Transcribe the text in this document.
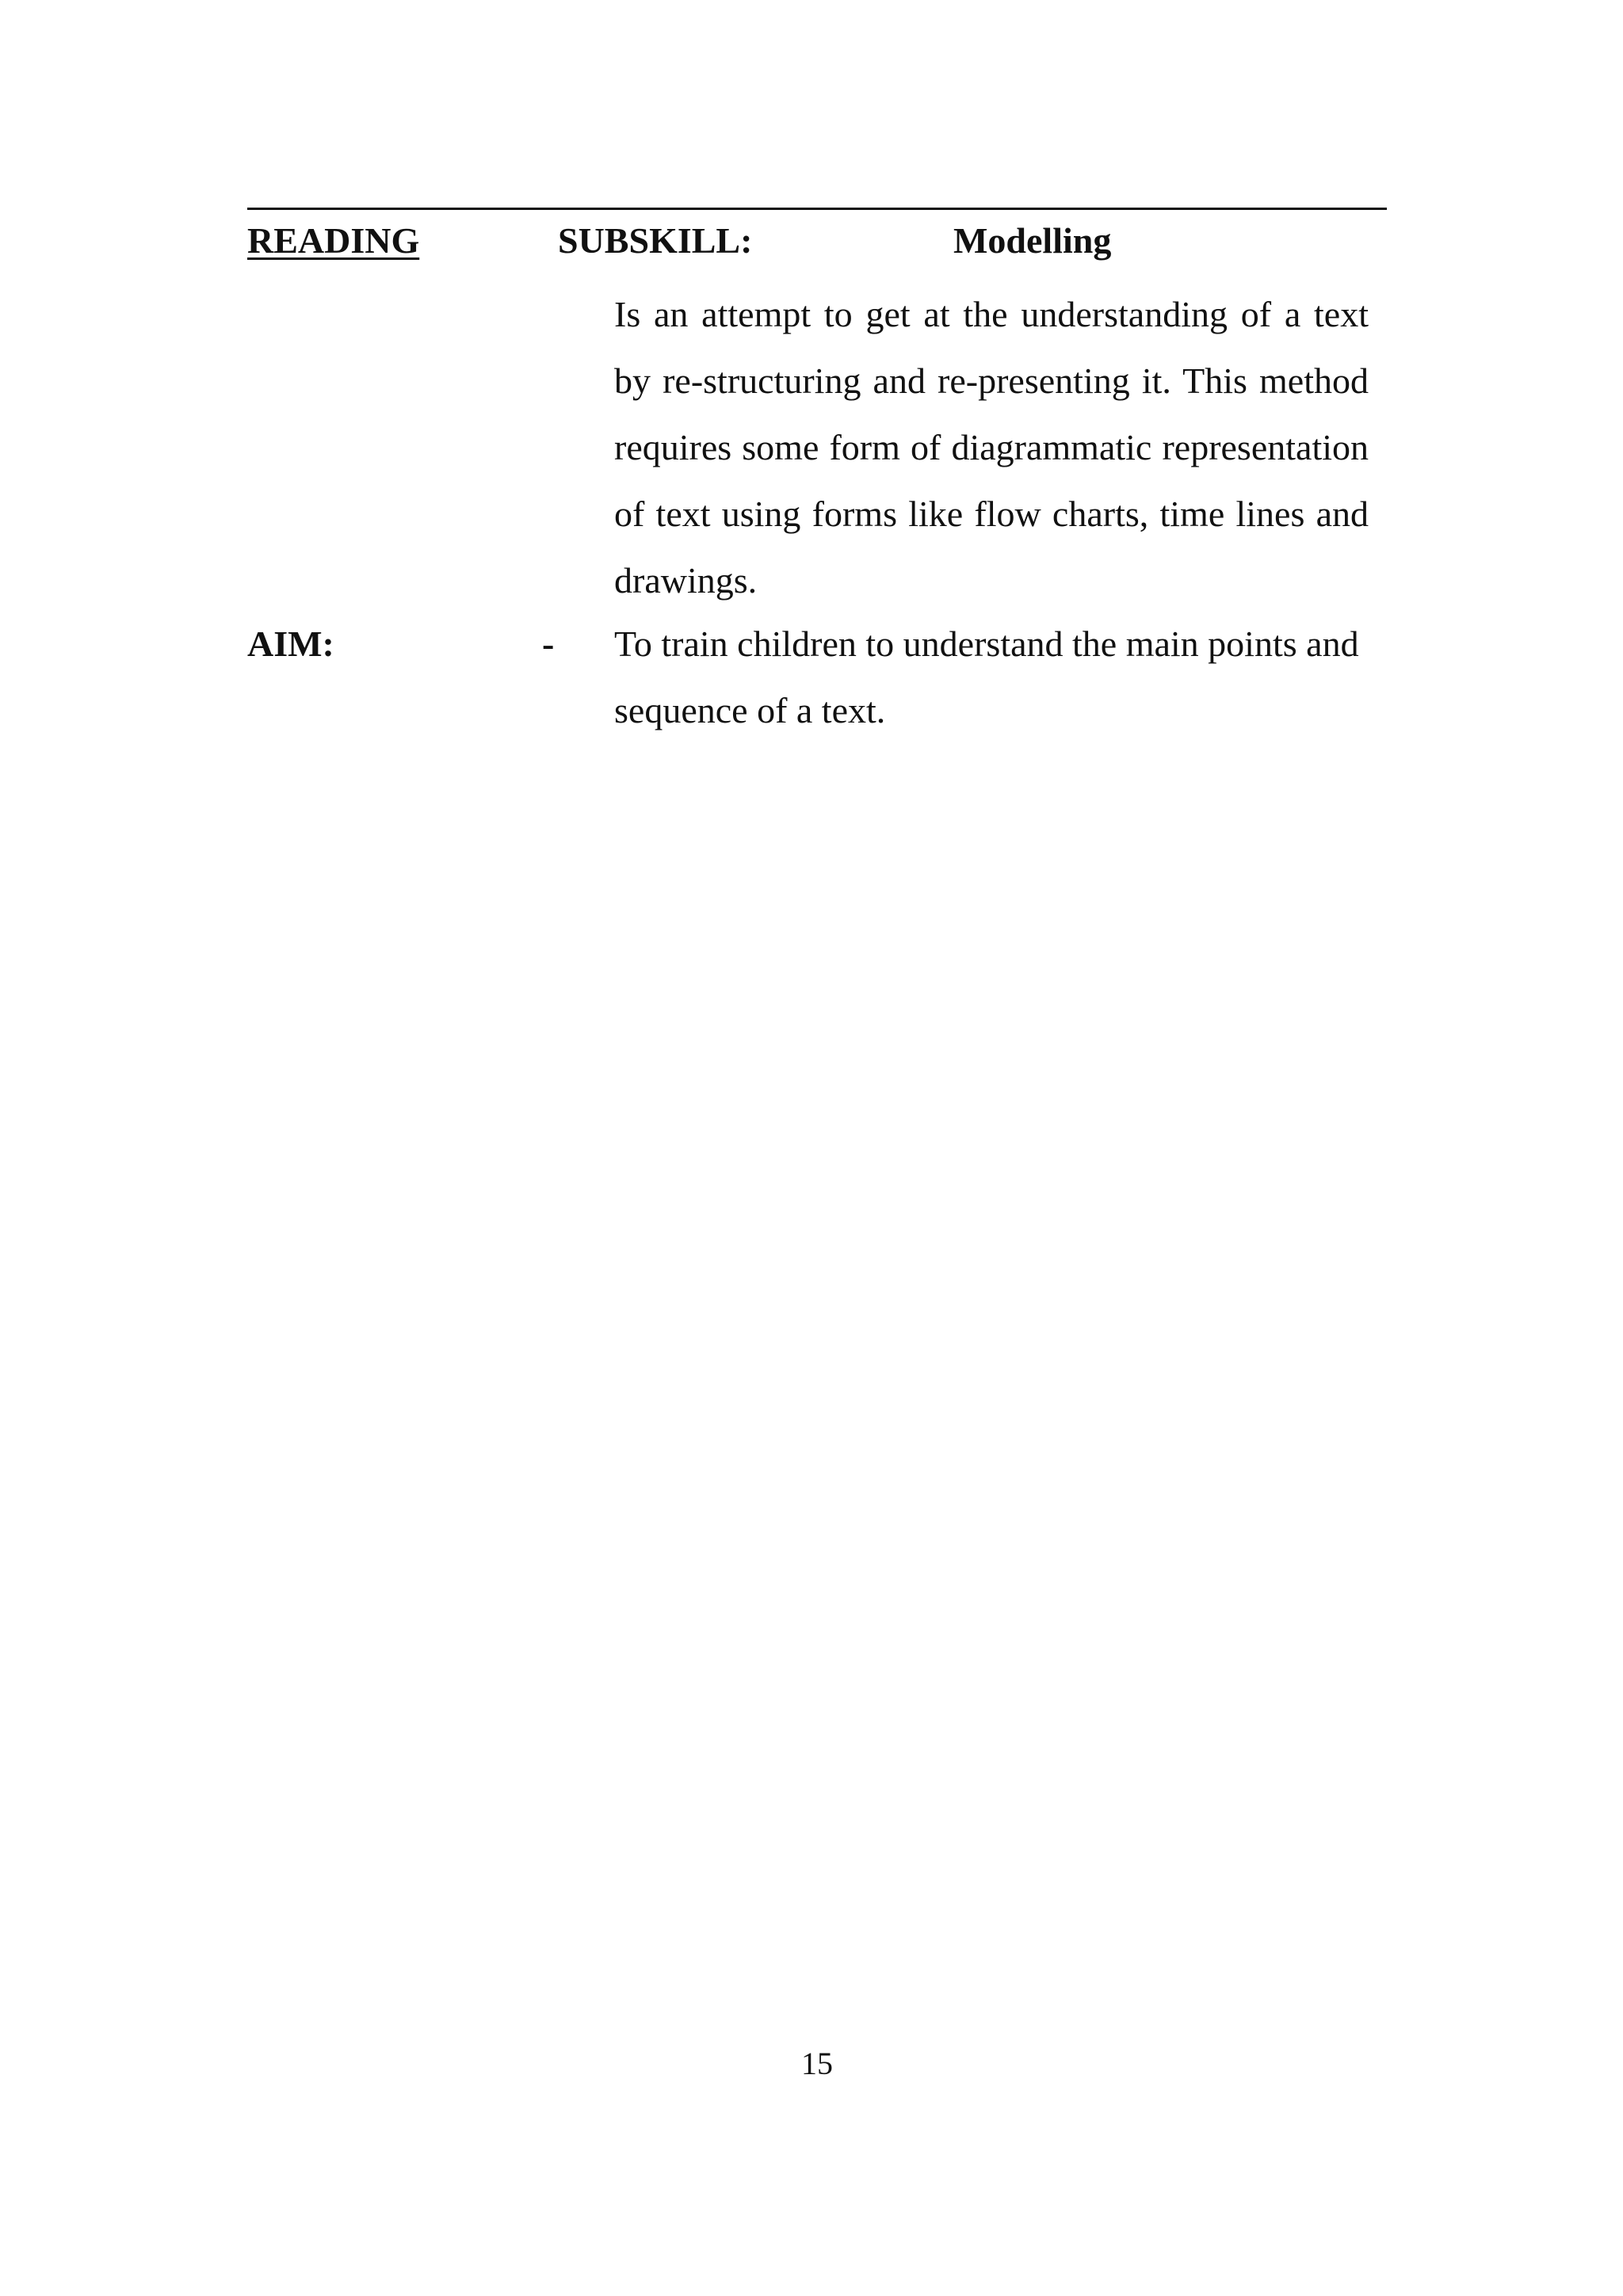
READING	SUBSKILL:	Modelling
Is an attempt to get at the understanding of a text by re-structuring and re-presenting it. This method requires some form of diagrammatic representation of text using forms like flow charts, time lines and drawings.
AIM:	- To train children to understand the main points and sequence of a text.
15
